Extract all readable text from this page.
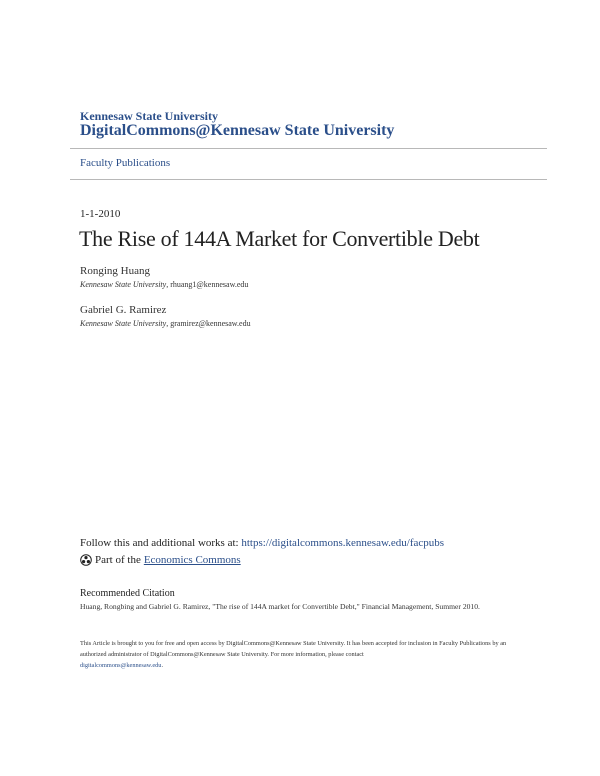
Kennesaw State University

DigitalCommons@Kennesaw State University

Faculty Publications

1-1-2010

The Rise of 144A Market for Convertible Debt

Ronging Huang

Kennesaw State University, rhuang1@kennesaw.edu

Gabriel G. Ramirez

Kennesaw State University, gramirez@kennesaw.edu

Follow this and additional works at: https://digitalcommons.kennesaw.edu/facpubs

Part of the Economics Commons

Recommended Citation

Huang, Rongbing and Gabriel G. Ramirez, "The rise of 144A market for Convertible Debt," Financial Management, Summer 2010.

This Article is brought to you for free and open access by DigitalCommons@Kennesaw State University. It has been accepted for inclusion in Faculty Publications by an authorized administrator of DigitalCommons@Kennesaw State University. For more information, please contact
digitalcommons@kennesaw.edu.
